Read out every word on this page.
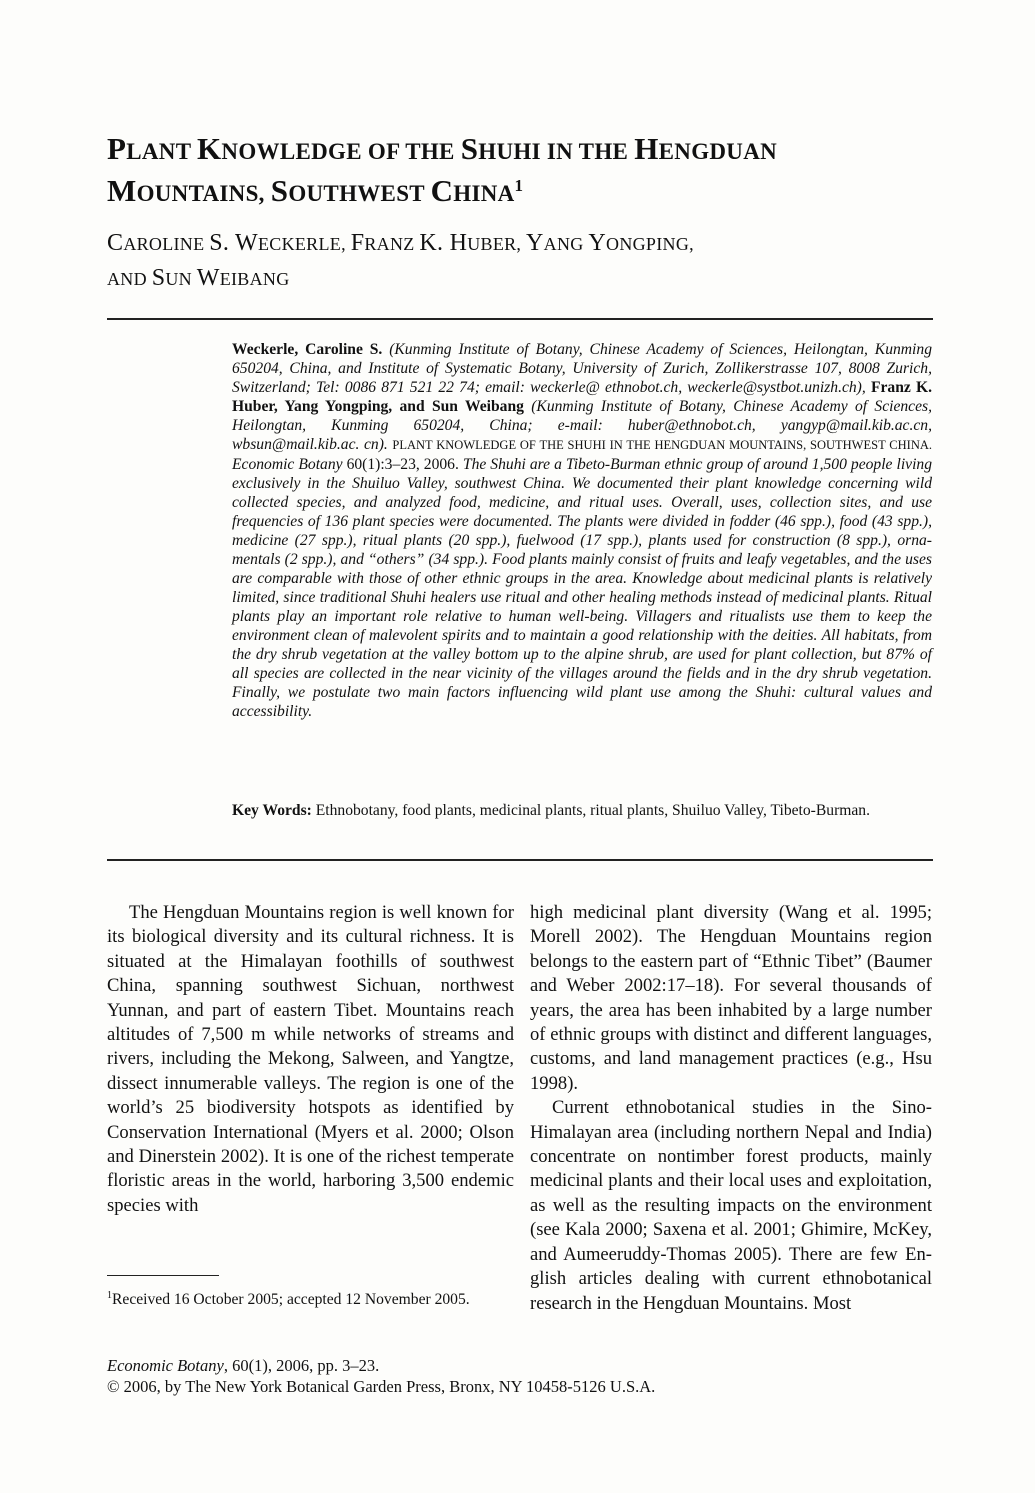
PLANT KNOWLEDGE OF THE SHUHI IN THE HENGDUAN
MOUNTAINS, SOUTHWEST CHINA$^1$

CAROLINE S. WECKERLE, FRANZ K. HUBER, YANG YONGPING,
AND SUN WEIBANG

Weckerle, Caroline S. (Kunming Institute of Botany, Chinese Academy of Sciences, Heilongtan, Kunming 650204, China, and Institute of Systematic Botany, University of Zurich, Zollikerstrasse 107, 8008 Zurich, Switzerland; Tel: 0086 871 521 22 74; email: weckerle@ ethnobot.ch, weckerle@systbot.unizh.ch), Franz K. Huber, Yang Yongping, and Sun Weibang (Kunming Institute of Botany, Chinese Academy of Sciences, Heilongtan, Kunming 650204, China; e-mail: huber@ethnobot.ch, yangyp@mail.kib.ac.cn, wbsun@mail.kib.ac. cn). PLANT KNOWLEDGE OF THE SHUHI IN THE HENGDUAN MOUNTAINS, SOUTHWEST CHINA. Economic Botany 60(1):3–23, 2006. The Shuhi are a Tibeto-Burman ethnic group of around 1,500 people living exclusively in the Shuiluo Valley, southwest China. We documented their plant knowledge concerning wild collected species, and analyzed food, medicine, and ritual uses. Overall, uses, collection sites, and use frequencies of 136 plant species were documented. The plants were divided in fodder (46 spp.), food (43 spp.), medicine (27 spp.), ritual plants (20 spp.), fuelwood (17 spp.), plants used for construction (8 spp.), ornamentals (2 spp.), and “others” (34 spp.). Food plants mainly consist of fruits and leafy vegetables, and the uses are comparable with those of other ethnic groups in the area. Knowledge about medicinal plants is relatively limited, since traditional Shuhi healers use ritual and other healing methods instead of medicinal plants. Ritual plants play an important role relative to human well-being. Villagers and ritualists use them to keep the environment clean of malevolent spirits and to maintain a good relationship with the deities. All habitats, from the dry shrub vegetation at the valley bottom up to the alpine shrub, are used for plant collection, but 87% of all species are collected in the near vicinity of the villages around the fields and in the dry shrub vegetation. Finally, we postulate two main factors influencing wild plant use among the Shuhi: cultural values and accessibility.

Key Words: Ethnobotany, food plants, medicinal plants, ritual plants, Shuiluo Valley, Tibeto-Burman.

The Hengduan Mountains region is well known for its biological diversity and its cultural richness. It is situated at the Himalayan foothills of southwest China, spanning southwest Sichuan, northwest Yunnan, and part of eastern Tibet. Mountains reach altitudes of 7,500 m while networks of streams and rivers, including the Mekong, Salween, and Yangtze, dissect innumerable valleys. The region is one of the world’s 25 biodiversity hotspots as identified by Conservation International (Myers et al. 2000; Olson and Dinerstein 2002). It is one of the richest temperate floristic areas in the world, harboring 3,500 endemic species with

high medicinal plant diversity (Wang et al. 1995; Morell 2002). The Hengduan Mountains region belongs to the eastern part of “Ethnic Tibet” (Baumer and Weber 2002:17–18). For several thousands of years, the area has been inhabited by a large number of ethnic groups with distinct and different languages, customs, and land management practices (e.g., Hsu 1998).

Current ethnobotanical studies in the Sino-Himalayan area (including northern Nepal and India) concentrate on nontimber forest products, mainly medicinal plants and their local uses and exploitation, as well as the resulting impacts on the environment (see Kala 2000; Saxena et al. 2001; Ghimire, McKey, and Aumeeruddy-Thomas 2005). There are few English articles dealing with current ethnobotanical research in the Hengduan Mountains. Most

$^1$Received 16 October 2005; accepted 12 November 2005.

Economic Botany, 60(1), 2006, pp. 3–23.
© 2006, by The New York Botanical Garden Press, Bronx, NY 10458-5126 U.S.A.
